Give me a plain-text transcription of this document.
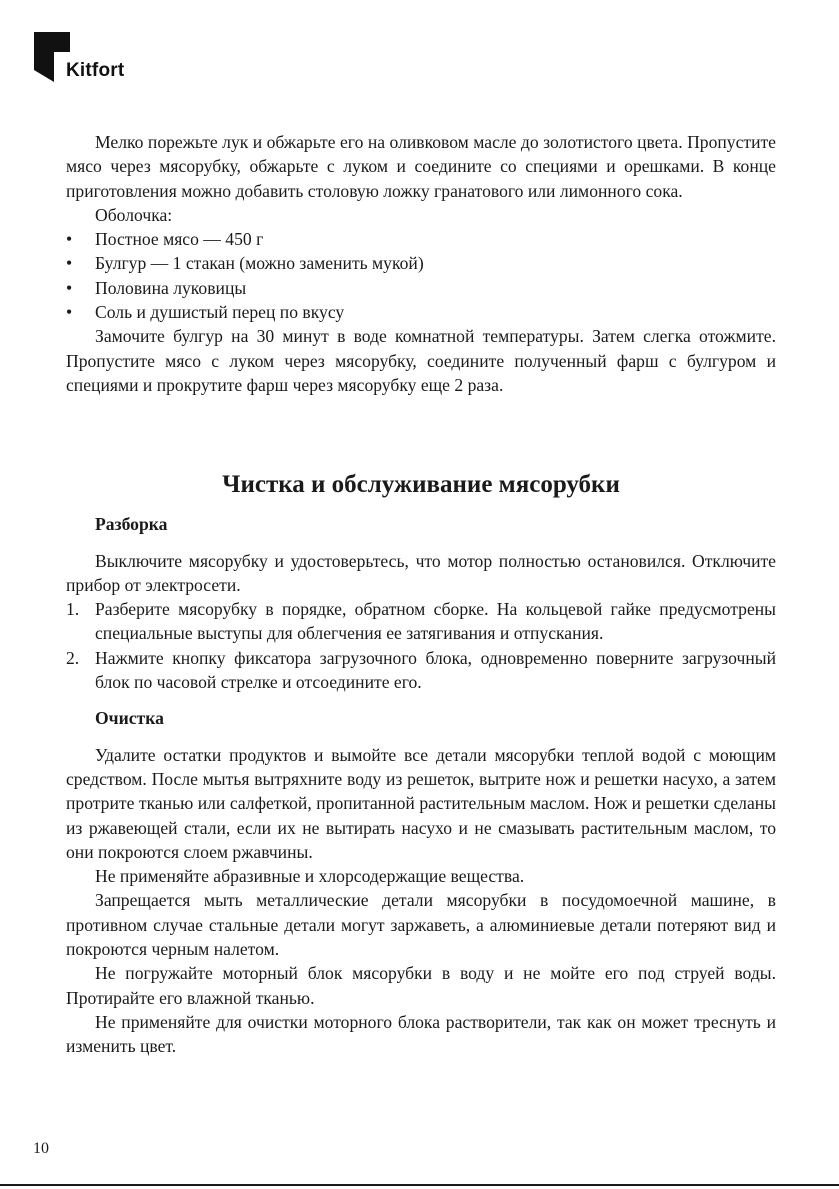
Kitfort

Мелко порежьте лук и обжарьте его на оливковом масле до золотистого цвета. Пропустите мясо через мясорубку, обжарьте с луком и соедините со специями и орешками. В конце приготовления можно добавить столовую ложку гранатового или лимонного сока.

Оболочка:

• Постное мясо — 450 г
• Булгур — 1 стакан (можно заменить мукой)
• Половина луковицы
• Соль и душистый перец по вкусу

Замочите булгур на 30 минут в воде комнатной температуры. Затем слегка отожмите. Пропустите мясо с луком через мясорубку, соедините полученный фарш с булгуром и специями и прокрутите фарш через мясорубку еще 2 раза.

Чистка и обслуживание мясорубки
Разборка

Выключите мясорубку и удостоверьтесь, что мотор полностью остановился. Отключите прибор от электросети.

1. Разберите мясорубку в порядке, обратном сборке. На кольцевой гайке предусмотрены специальные выступы для облегчения ее затягивания и отпускания.
2. Нажмите кнопку фиксатора загрузочного блока, одновременно поверните загрузочный блок по часовой стрелке и отсоедините его.
Очистка

Удалите остатки продуктов и вымойте все детали мясорубки теплой водой с моющим средством. После мытья вытряхните воду из решеток, вытрите нож и решетки насухо, а затем протрите тканью или салфеткой, пропитанной растительным маслом. Нож и решетки сделаны из ржавеющей стали, если их не вытирать насухо и не смазывать растительным маслом, то они покроются слоем ржавчины.

Не применяйте абразивные и хлорсодержащие вещества.

Запрещается мыть металлические детали мясорубки в посудомоечной машине, в противном случае стальные детали могут заржаветь, а алюминиевые детали потеряют вид и покроются черным налетом.

Не погружайте моторный блок мясорубки в воду и не мойте его под струей воды. Протирайте его влажной тканью.

Не применяйте для очистки моторного блока растворители, так как он может треснуть и изменить цвет.

10
